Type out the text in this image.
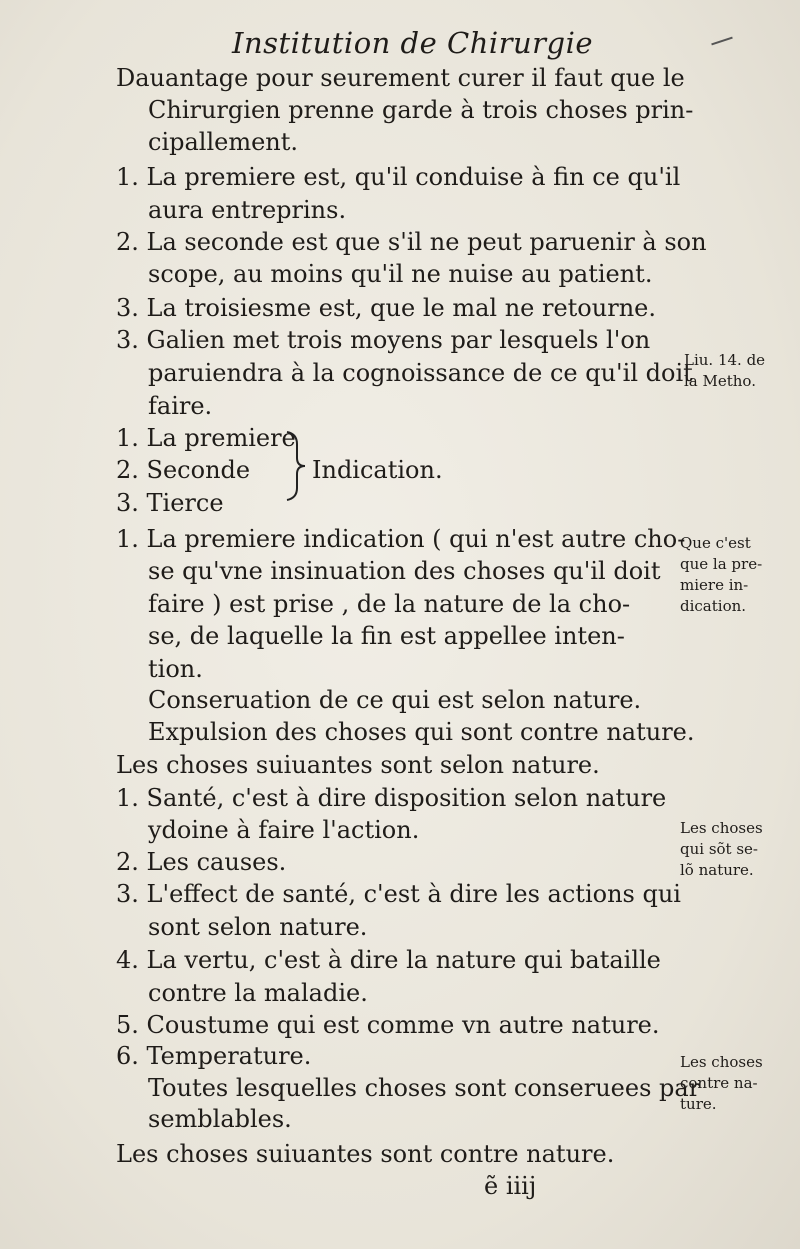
Institution de Chirurgie
Dauantage pour seurement curer il faut que le
Chirurgien prenne garde à trois choses prin-
cipallement.
1. La premiere est, qu'il conduise à fin ce qu'il
aura entreprins.
2. La seconde est que s'il ne peut paruenir à son
scope, au moins qu'il ne nuise au patient.
3. La troisiesme est, que le mal ne retourne.
3. Galien met trois moyens par lesquels l'on
paruiendra à la cognoissance de ce qu'il doit
faire.
1. La premiere
2. Seconde
3. Tierce
Indication.
1. La premiere indication ( qui n'est autre cho-
se qu'vne insinuation des choses qu'il doit
faire ) est prise , de la nature de la cho-
se, de laquelle la fin est appellee inten-
tion.
Conseruation de ce qui est selon nature.
Expulsion des choses qui sont contre nature.
Les choses suiuantes sont selon nature.
1. Santé, c'est à dire disposition selon nature
ydoine à faire l'action.
2. Les causes.
3. L'effect de santé, c'est à dire les actions qui
sont selon nature.
4. La vertu, c'est à dire la nature qui bataille
contre la maladie.
5. Coustume qui est comme vn autre nature.
6. Temperature.
Toutes lesquelles choses sont conseruees par
semblables.
Les choses suiuantes sont contre nature.
Liu. 14. de
la Metho.
Que c'est
que la pre-
miere in-
dication.
Les choses
qui sõt se-
lõ nature.
Les choses
contre na-
ture.
ẽ iiij
